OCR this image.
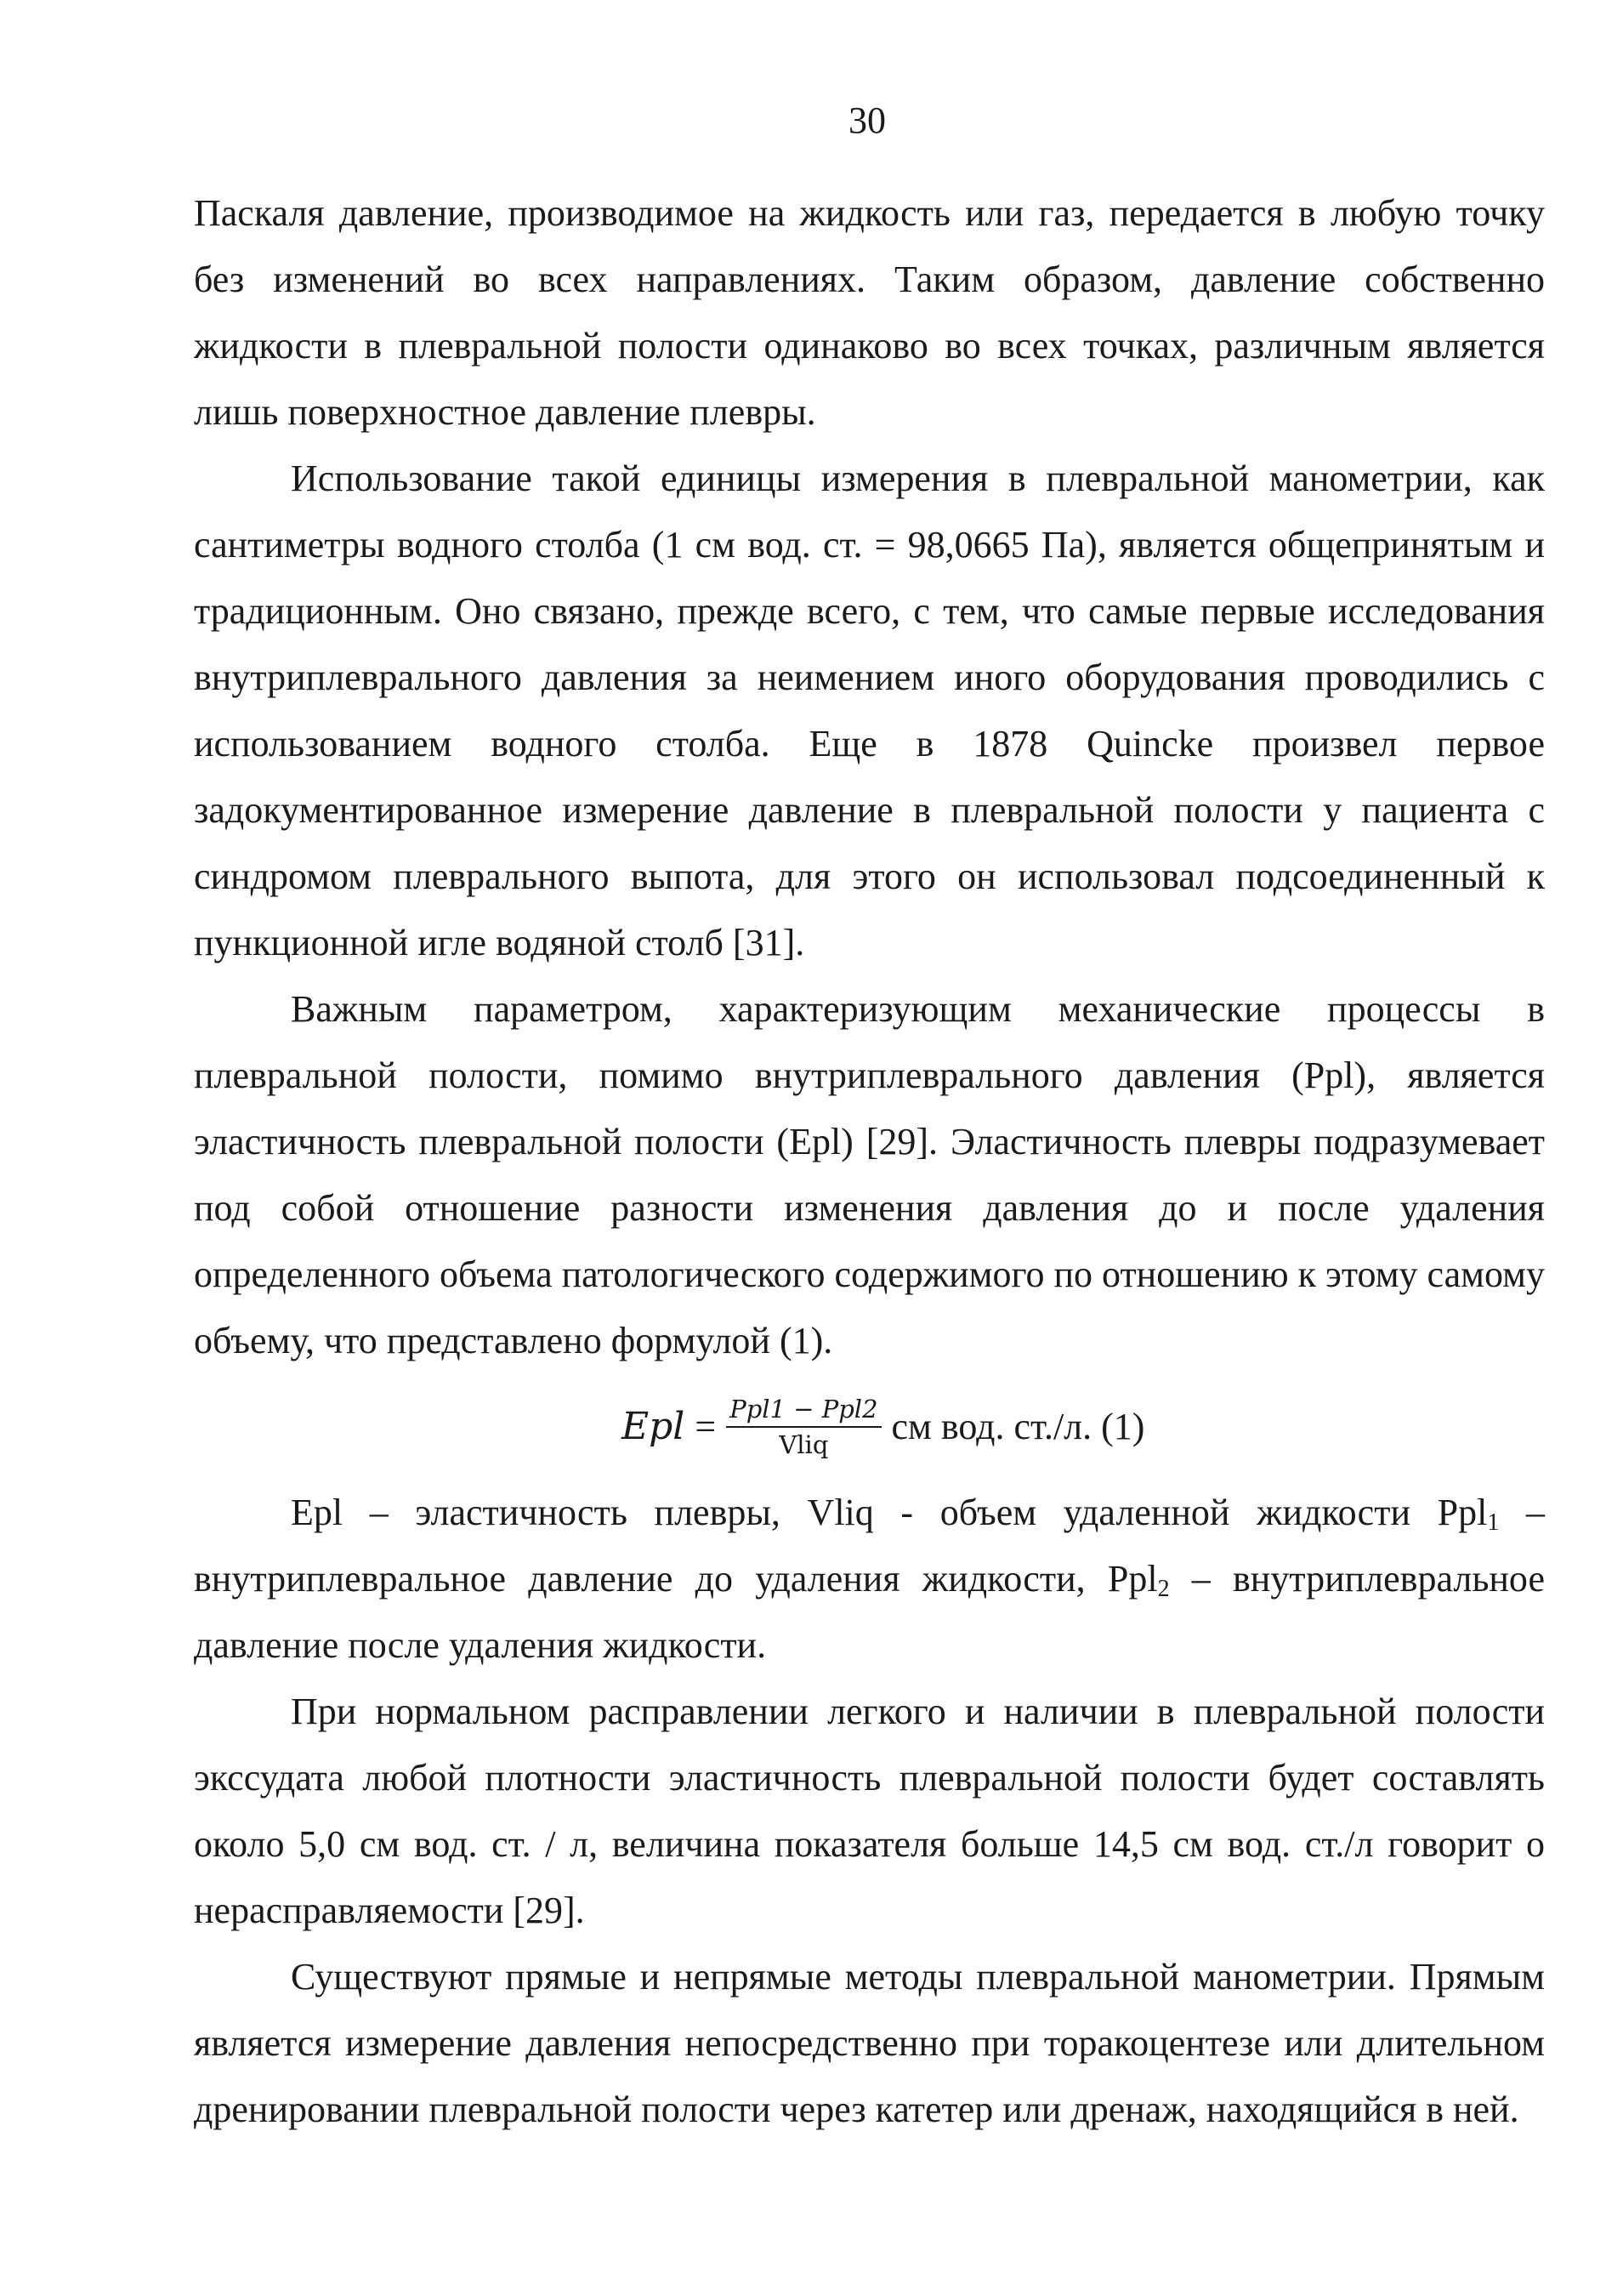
30

Паскаля давление, производимое на жидкость или газ, передается в любую точку без изменений во всех направлениях. Таким образом, давление собственно жидкости в плевральной полости одинаково во всех точках, различным является лишь поверхностное давление плевры.

Использование такой единицы измерения в плевральной манометрии, как сантиметры водного столба (1 см вод. ст. = 98,0665 Па), является общепринятым и традиционным. Оно связано, прежде всего, с тем, что самые первые исследования внутриплеврального давления за неимением иного оборудования проводились с использованием водного столба. Еще в 1878 Quincke произвел первое задокументированное измерение давление в плевральной полости у пациента с синдромом плеврального выпота, для этого он использовал подсоединенный к пункционной игле водяной столб [31].

Важным параметром, характеризующим механические процессы в плевральной полости, помимо внутриплеврального давления (Ppl), является эластичность плевральной полости (Epl) [29]. Эластичность плевры подразумевает под собой отношение разности изменения давления до и после удаления определенного объема патологического содержимого по отношению к этому самому объему, что представлено формулой (1).

Epl = $\frac{\text{Ppl1 − Ppl2}}{\text{Vliq}}$ см вод. ст./л. (1)

Epl – эластичность плевры, Vliq - объем удаленной жидкости Ppl$_1$ – внутриплевральное давление до удаления жидкости, Ppl$_2$ – внутриплевральное давление после удаления жидкости.

При нормальном расправлении легкого и наличии в плевральной полости экссудата любой плотности эластичность плевральной полости будет составлять около 5,0 см вод. ст. / л, величина показателя больше 14,5 см вод. ст./л говорит о нерасправляемости [29].

Существуют прямые и непрямые методы плевральной манометрии. Прямым является измерение давления непосредственно при торакоцентезе или длительном дренировании плевральной полости через катетер или дренаж, находящийся в ней.
